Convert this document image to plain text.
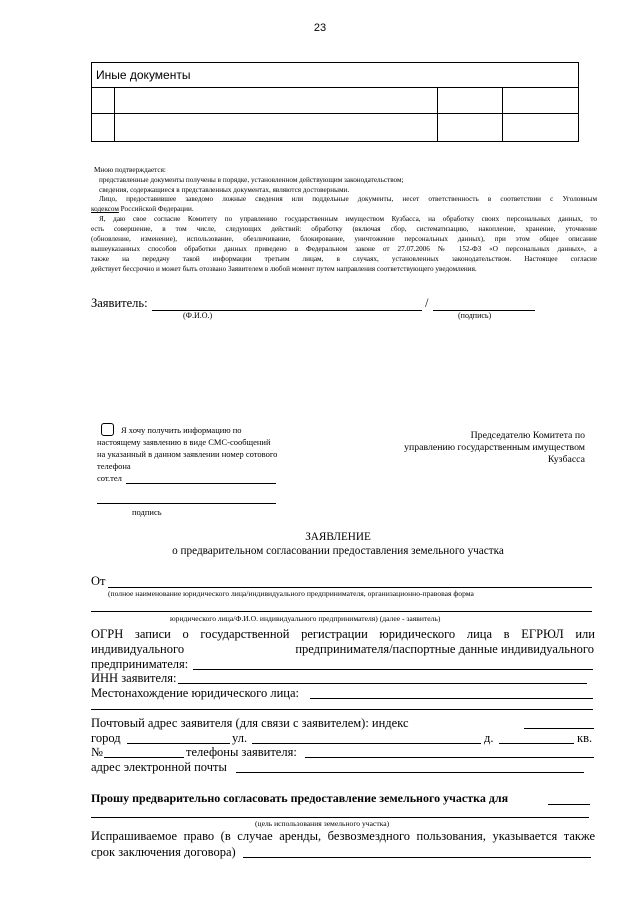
23
Иные документы
Мною подтверждается:
представленные документы получены в порядке, установленном действующим законодательством;
сведения, содержащиеся в представленных документах, являются достоверными.
Лицо, предоставившее заведомо ложные сведения или поддельные документы, несет ответственность в соответствии с Уголовным
кодексом Российской Федерации.
Я, даю свое согласие Комитету по управлению государственным имуществом Кузбасса, на обработку своих персональных данных, то
есть совершение, в том числе, следующих действий: обработку (включая сбор, систематизацию, накопление, хранение, уточнение
(обновление, изменение), использование, обезличивание, блокирование, уничтожение персональных данных), при этом общее описание
вышеуказанных способов обработки данных приведено в Федеральном законе от 27.07.2006 № 152-ФЗ «О персональных данных», а
также на передачу такой информации третьим лицам, в случаях, установленных законодательством. Настоящее согласие
действует бессрочно и может быть отозвано Заявителем в любой момент путем направления соответствующего уведомления.
Заявитель:	/
(Ф.И.О.)	(подпись)
Я хочу получить информацию по
настоящему заявлению в виде СМС-сообщений
на указанный в данном заявлении номер сотового
телефона
сот.тел
подпись
Председателю Комитета по
управлению государственным имуществом
Кузбасса
ЗАЯВЛЕНИЕ
о предварительном согласовании предоставления земельного участка
От
(полное наименование юридического лица/индивидуального предпринимателя, организационно-правовая форма
юридического лица/Ф.И.О. индивидуального предпринимателя) (далее - заявитель)
ОГРН записи о государственной регистрации юридического лица в ЕГРЮЛ или
индивидуального	предпринимателя/паспортные данные индивидуального
предпринимателя:
ИНН заявителя:
Местонахождение юридического лица:
Почтовый адрес заявителя (для связи с заявителем): индекс
город	ул.	д.	кв.
№	телефоны заявителя:
адрес электронной почты
Прошу предварительно согласовать предоставление земельного участка для
(цель использования земельного участка)
Испрашиваемое право (в случае аренды, безвозмездного пользования, указывается также
срок заключения договора)
